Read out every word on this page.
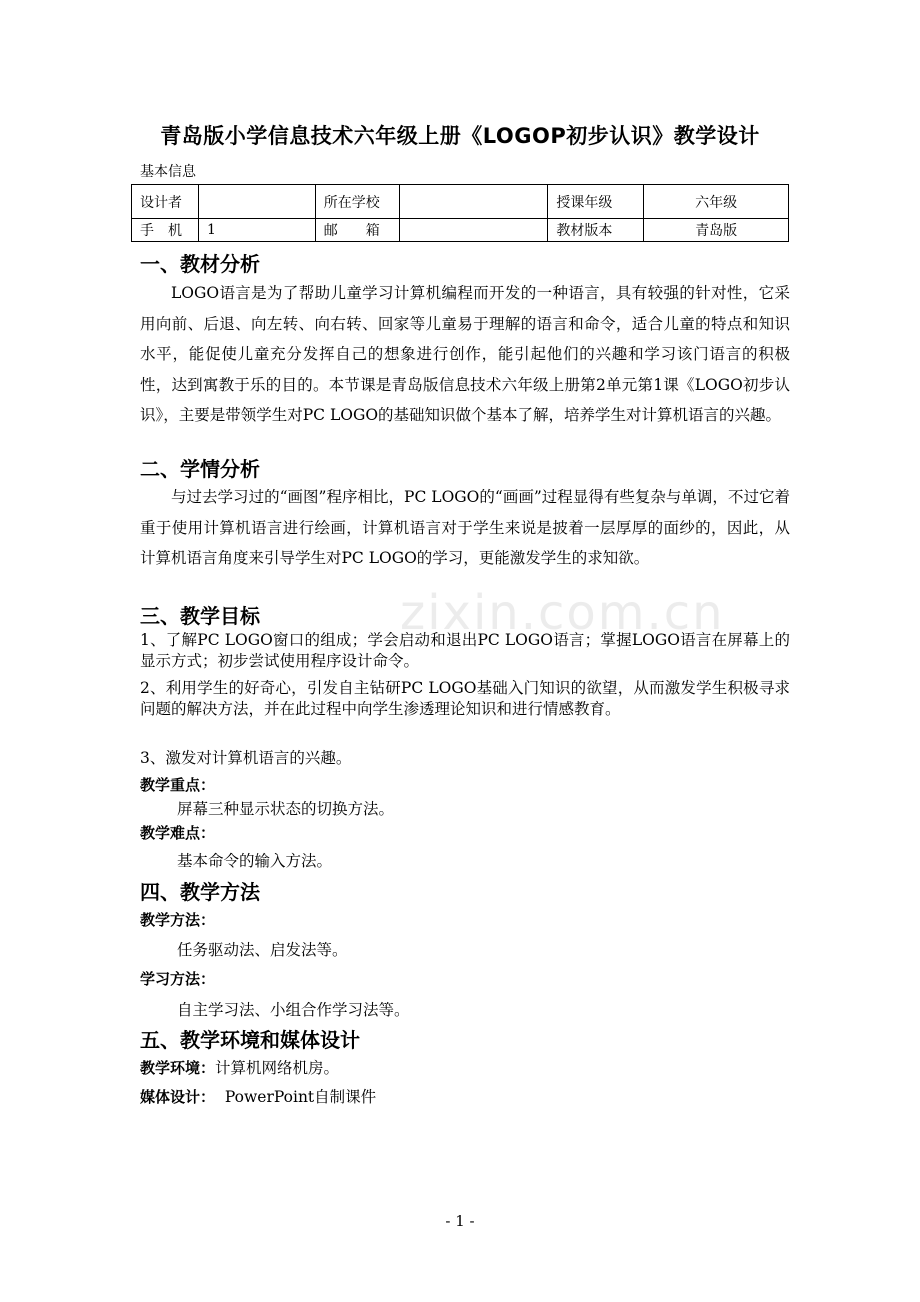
zixin.com.cn
青岛版小学信息技术六年级上册《LOGOP初步认识》教学设计
基本信息
设计者		所在学校		授课年级	六年级
手　机	1	邮　　箱		教材版本	青岛版
一、教材分析
LOGO语言是为了帮助儿童学习计算机编程而开发的一种语言，具有较强的针对性，它采用向前、后退、向左转、向右转、回家等儿童易于理解的语言和命令，适合儿童的特点和知识水平，能促使儿童充分发挥自己的想象进行创作，能引起他们的兴趣和学习该门语言的积极性，达到寓教于乐的目的。本节课是青岛版信息技术六年级上册第2单元第1课《LOGO初步认识》，主要是带领学生对PC LOGO的基础知识做个基本了解，培养学生对计算机语言的兴趣。
二、学情分析
与过去学习过的“画图”程序相比，PC LOGO的“画画”过程显得有些复杂与单调，不过它着重于使用计算机语言进行绘画，计算机语言对于学生来说是披着一层厚厚的面纱的，因此，从计算机语言角度来引导学生对PC LOGO的学习，更能激发学生的求知欲。
三、教学目标
1、了解PC LOGO窗口的组成；学会启动和退出PC LOGO语言；掌握LOGO语言在屏幕上的显示方式；初步尝试使用程序设计命令。
2、利用学生的好奇心，引发自主钻研PC LOGO基础入门知识的欲望，从而激发学生积极寻求问题的解决方法，并在此过程中向学生渗透理论知识和进行情感教育。
3、激发对计算机语言的兴趣。
教学重点：
屏幕三种显示状态的切换方法。
教学难点：
基本命令的输入方法。
四、教学方法
教学方法：
任务驱动法、启发法等。
学习方法：
自主学习法、小组合作学习法等。
五、教学环境和媒体设计
教学环境：计算机网络机房。
媒体设计： PowerPoint自制课件
- 1 -
